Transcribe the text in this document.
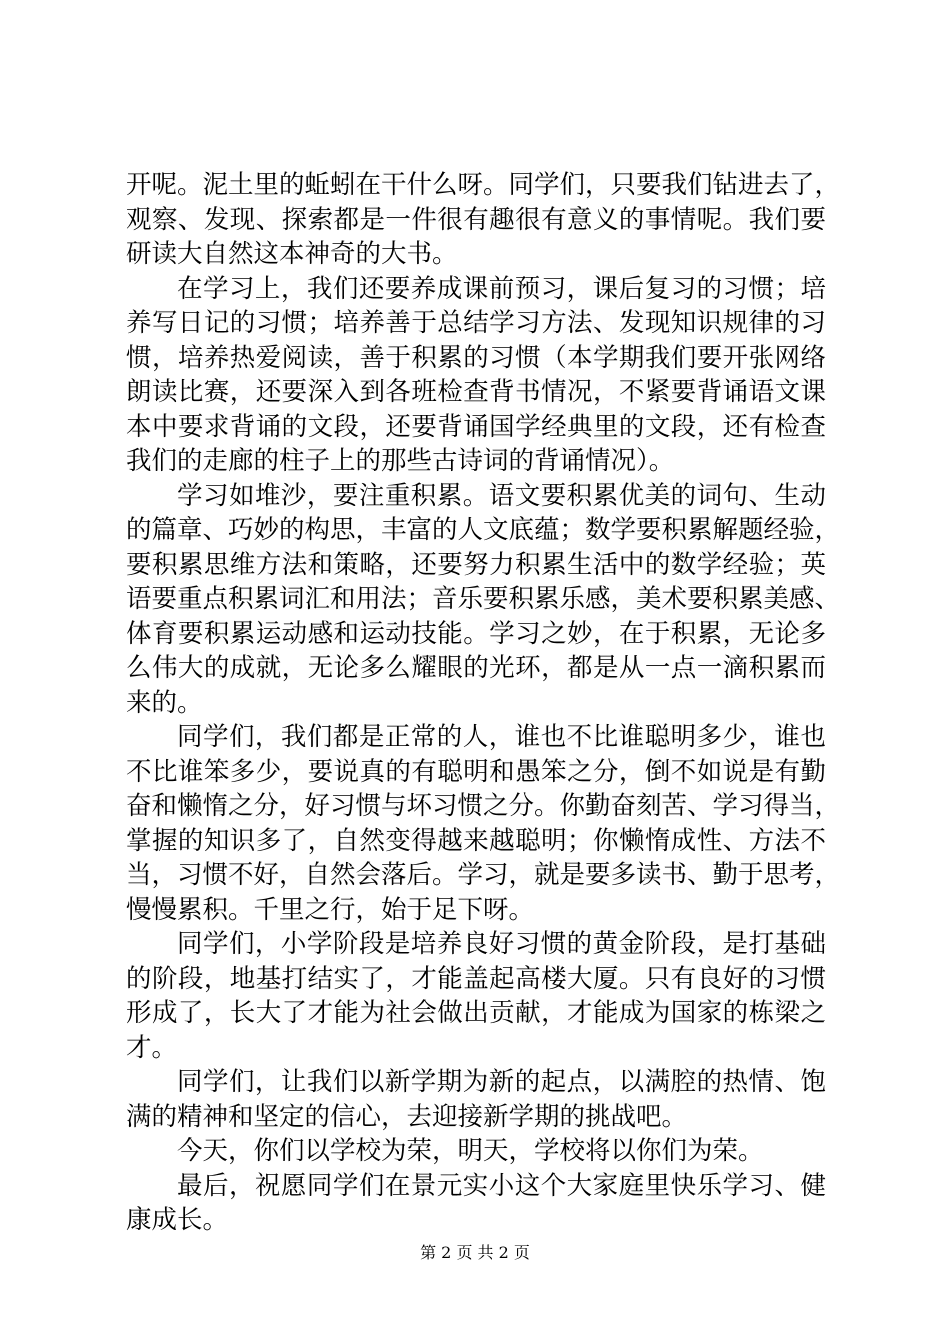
开呢。泥土里的蚯蚓在干什么呀。同学们，只要我们钻进去了，
观察、发现、探索都是一件很有趣很有意义的事情呢。我们要
研读大自然这本神奇的大书。
在学习上，我们还要养成课前预习，课后复习的习惯；培
养写日记的习惯；培养善于总结学习方法、发现知识规律的习
惯，培养热爱阅读，善于积累的习惯（本学期我们要开张网络
朗读比赛，还要深入到各班检查背书情况，不紧要背诵语文课
本中要求背诵的文段，还要背诵国学经典里的文段，还有检查
我们的走廊的柱子上的那些古诗词的背诵情况）。
学习如堆沙，要注重积累。语文要积累优美的词句、生动
的篇章、巧妙的构思，丰富的人文底蕴；数学要积累解题经验，
要积累思维方法和策略，还要努力积累生活中的数学经验；英
语要重点积累词汇和用法；音乐要积累乐感，美术要积累美感、
体育要积累运动感和运动技能。学习之妙，在于积累，无论多
么伟大的成就，无论多么耀眼的光环，都是从一点一滴积累而
来的。
同学们，我们都是正常的人，谁也不比谁聪明多少，谁也
不比谁笨多少，要说真的有聪明和愚笨之分，倒不如说是有勤
奋和懒惰之分，好习惯与坏习惯之分。你勤奋刻苦、学习得当，
掌握的知识多了，自然变得越来越聪明；你懒惰成性、方法不
当，习惯不好，自然会落后。学习，就是要多读书、勤于思考，
慢慢累积。千里之行，始于足下呀。
同学们，小学阶段是培养良好习惯的黄金阶段，是打基础
的阶段，地基打结实了，才能盖起高楼大厦。只有良好的习惯
形成了，长大了才能为社会做出贡献，才能成为国家的栋梁之
才。
同学们，让我们以新学期为新的起点，以满腔的热情、饱
满的精神和坚定的信心，去迎接新学期的挑战吧。
今天，你们以学校为荣，明天，学校将以你们为荣。
最后，祝愿同学们在景元实小这个大家庭里快乐学习、健
康成长。
第 2 页 共 2 页
